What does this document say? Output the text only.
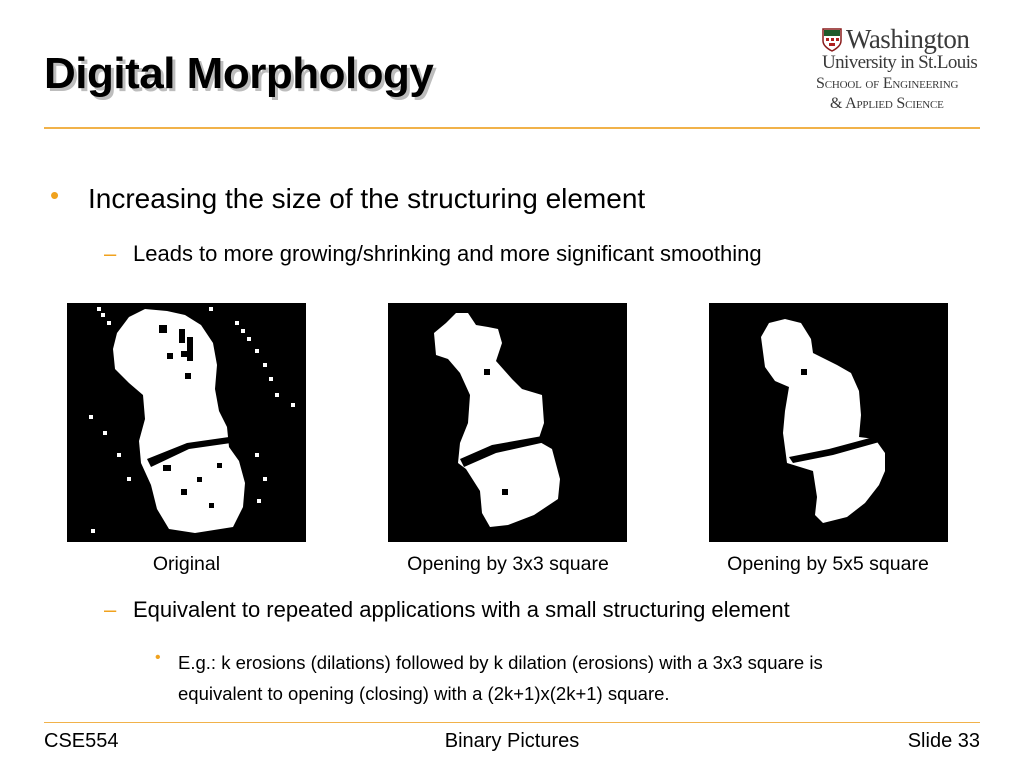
Digital Morphology
Washington
University in St.Louis
School of Engineering
& Applied Science
• Increasing the size of the structuring element
– Leads to more growing/shrinking and more significant smoothing
Original	Opening by 3x3 square	Opening by 5x5 square
– Equivalent to repeated applications with a small structuring element
• E.g.: k erosions (dilations) followed by k dilation (erosions) with a 3x3 square is
equivalent to opening (closing) with a (2k+1)x(2k+1) square.
CSE554	Binary Pictures	Slide 33
